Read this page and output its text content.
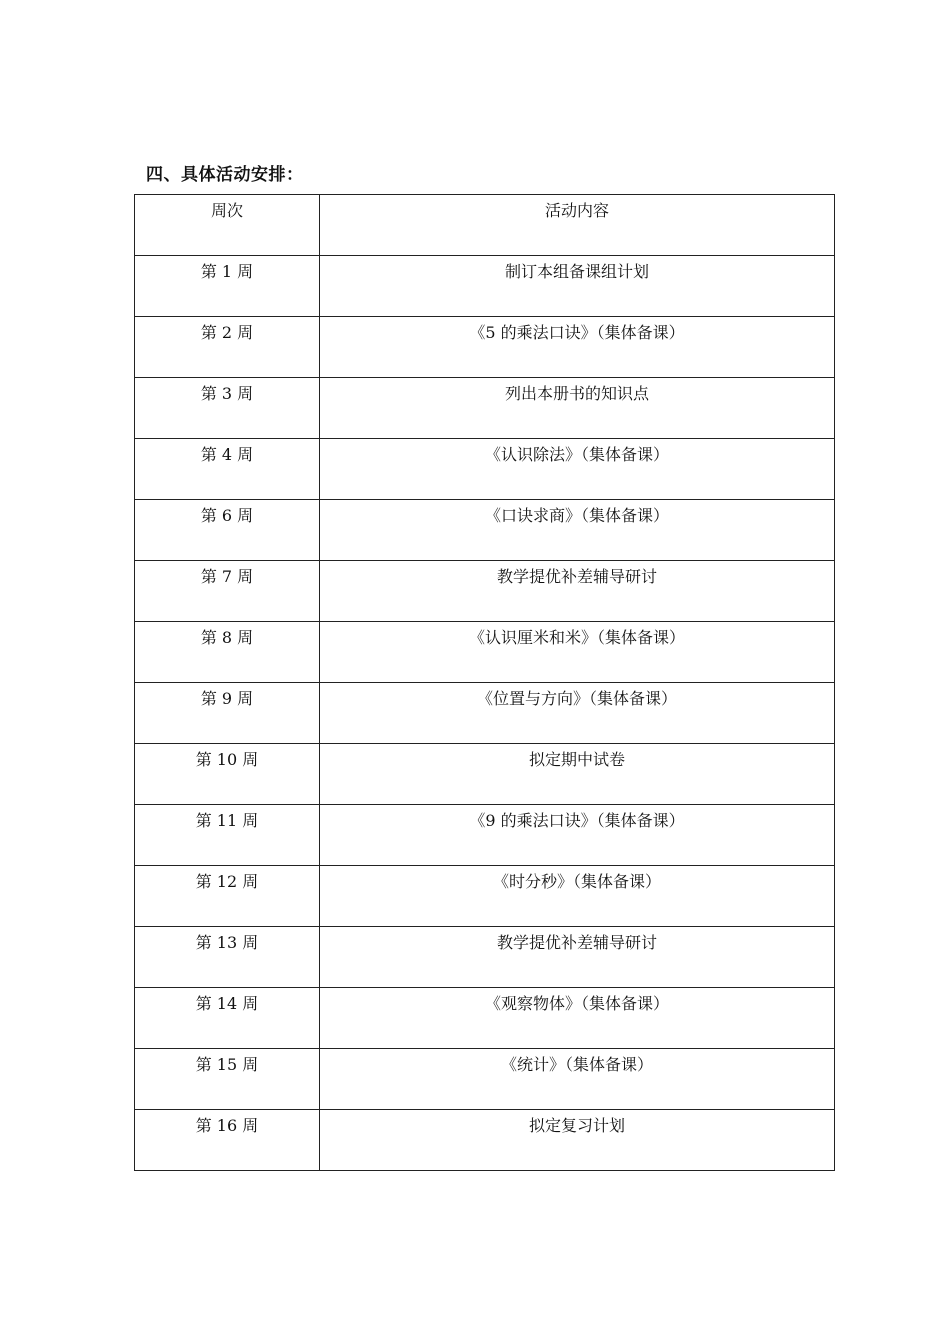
四、具体活动安排：
周次	活动内容

第 1 周	制订本组备课组计划

第 2 周	《5 的乘法口诀》（集体备课）

第 3 周	列出本册书的知识点

第 4 周	《认识除法》（集体备课）

第 6 周	《口诀求商》（集体备课）

第 7 周	教学提优补差辅导研讨

第 8 周	《认识厘米和米》（集体备课）

第 9 周	《位置与方向》（集体备课）

第 10 周	拟定期中试卷

第 11 周	《9 的乘法口诀》（集体备课）

第 12 周	《时分秒》（集体备课）

第 13 周	教学提优补差辅导研讨

第 14 周	《观察物体》（集体备课）

第 15 周	《统计》（集体备课）

第 16 周	拟定复习计划
